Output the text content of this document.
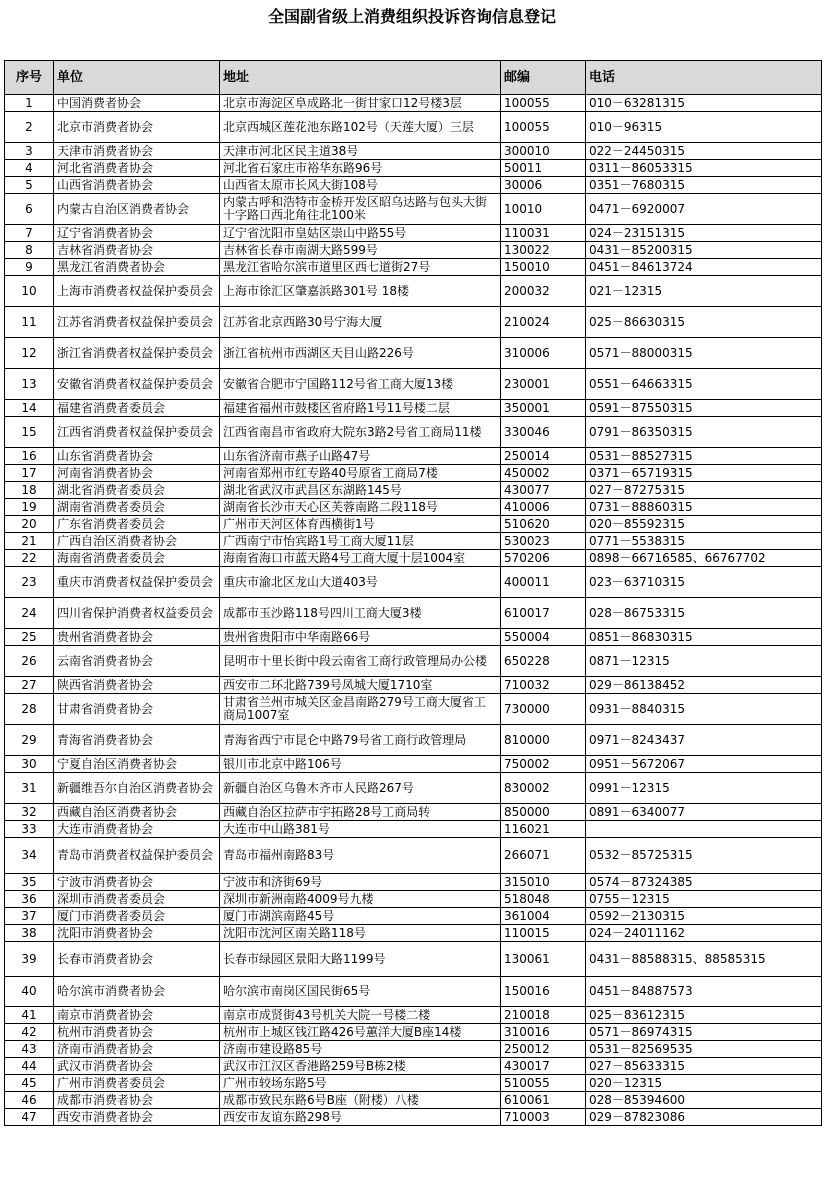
全国副省级上消费组织投诉咨询信息登记
序号	单位	地址	邮编	电话
1	中国消费者协会	北京市海淀区阜成路北一街甘家口12号楼3层	100055	010－63281315
2	北京市消费者协会	北京西城区莲花池东路102号（天莲大厦）三层	100055	010－96315
3	天津市消费者协会	天津市河北区民主道38号	300010	022－24450315
4	河北省消费者协会	河北省石家庄市裕华东路96号	50011	0311－86053315
5	山西省消费者协会	山西省太原市长风大街108号	30006	0351－7680315
6	内蒙古自治区消费者协会	内蒙古呼和浩特市金桥开发区昭乌达路与包头大街十字路口西北角往北100米	10010	0471－6920007
7	辽宁省消费者协会	辽宁省沈阳市皇姑区崇山中路55号	110031	024－23151315
8	吉林省消费者协会	吉林省长春市南湖大路599号	130022	0431－85200315
9	黑龙江省消费者协会	黑龙江省哈尔滨市道里区西七道街27号	150010	0451－84613724
10	上海市消费者权益保护委员会	上海市徐汇区肇嘉浜路301号 18楼	200032	021－12315
11	江苏省消费者权益保护委员会	江苏省北京西路30号宁海大厦	210024	025－86630315
12	浙江省消费者权益保护委员会	浙江省杭州市西湖区天目山路226号	310006	0571－88000315
13	安徽省消费者权益保护委员会	安徽省合肥市宁国路112号省工商大厦13楼	230001	0551－64663315
14	福建省消费者委员会	福建省福州市鼓楼区省府路1号11号楼二层	350001	0591－87550315
15	江西省消费者权益保护委员会	江西省南昌市省政府大院东3路2号省工商局11楼	330046	0791－86350315
16	山东省消费者协会	山东省济南市燕子山路47号	250014	0531－88527315
17	河南省消费者协会	河南省郑州市红专路40号原省工商局7楼	450002	0371－65719315
18	湖北省消费者委员会	湖北省武汉市武昌区东湖路145号	430077	027－87275315
19	湖南省消费者委员会	湖南省长沙市天心区芙蓉南路二段118号	410006	0731－88860315
20	广东省消费者委员会	广州市天河区体育西横街1号	510620	020－85592315
21	广西自治区消费者协会	广西南宁市怡宾路1号工商大厦11层	530023	0771－5538315
22	海南省消费者委员会	海南省海口市蓝天路4号工商大厦十层1004室	570206	0898－66716585、66767702
23	重庆市消费者权益保护委员会	重庆市渝北区龙山大道403号	400011	023－63710315
24	四川省保护消费者权益委员会	成都市玉沙路118号四川工商大厦3楼	610017	028－86753315
25	贵州省消费者协会	贵州省贵阳市中华南路66号	550004	0851－86830315
26	云南省消费者协会	昆明市十里长街中段云南省工商行政管理局办公楼	650228	0871－12315
27	陕西省消费者协会	西安市二环北路739号凤城大厦1710室	710032	029－86138452
28	甘肃省消费者协会	甘肃省兰州市城关区金昌南路279号工商大厦省工商局1007室	730000	0931－8840315
29	青海省消费者协会	青海省西宁市昆仑中路79号省工商行政管理局	810000	0971－8243437
30	宁夏自治区消费者协会	银川市北京中路106号	750002	0951－5672067
31	新疆维吾尔自治区消费者协会	新疆自治区乌鲁木齐市人民路267号	830002	0991－12315
32	西藏自治区消费者协会	西藏自治区拉萨市宇拓路28号工商局转	850000	0891－6340077
33	大连市消费者协会	大连市中山路381号	116021	
34	青岛市消费者权益保护委员会	青岛市福州南路83号	266071	0532－85725315
35	宁波市消费者协会	宁波市和济街69号	315010	0574－87324385
36	深圳市消费者委员会	深圳市新洲南路4009号九楼	518048	0755－12315
37	厦门市消费者委员会	厦门市湖滨南路45号	361004	0592－2130315
38	沈阳市消费者协会	沈阳市沈河区南关路118号	110015	024－24011162
39	长春市消费者协会	长春市绿园区景阳大路1199号	130061	0431－88588315、88585315
40	哈尔滨市消费者协会	哈尔滨市南岗区国民街65号	150016	0451－84887573
41	南京市消费者协会	南京市成贤街43号机关大院一号楼二楼	210018	025－83612315
42	杭州市消费者协会	杭州市上城区钱江路426号蕙洋大厦B座14楼	310016	0571－86974315
43	济南市消费者协会	济南市建设路85号	250012	0531－82569535
44	武汉市消费者协会	武汉市江汉区香港路259号B栋2楼	430017	027－85633315
45	广州市消费者委员会	广州市较场东路5号	510055	020－12315
46	成都市消费者协会	成都市致民东路6号B座（附楼）八楼	610061	028－85394600
47	西安市消费者协会	西安市友谊东路298号	710003	029－87823086
